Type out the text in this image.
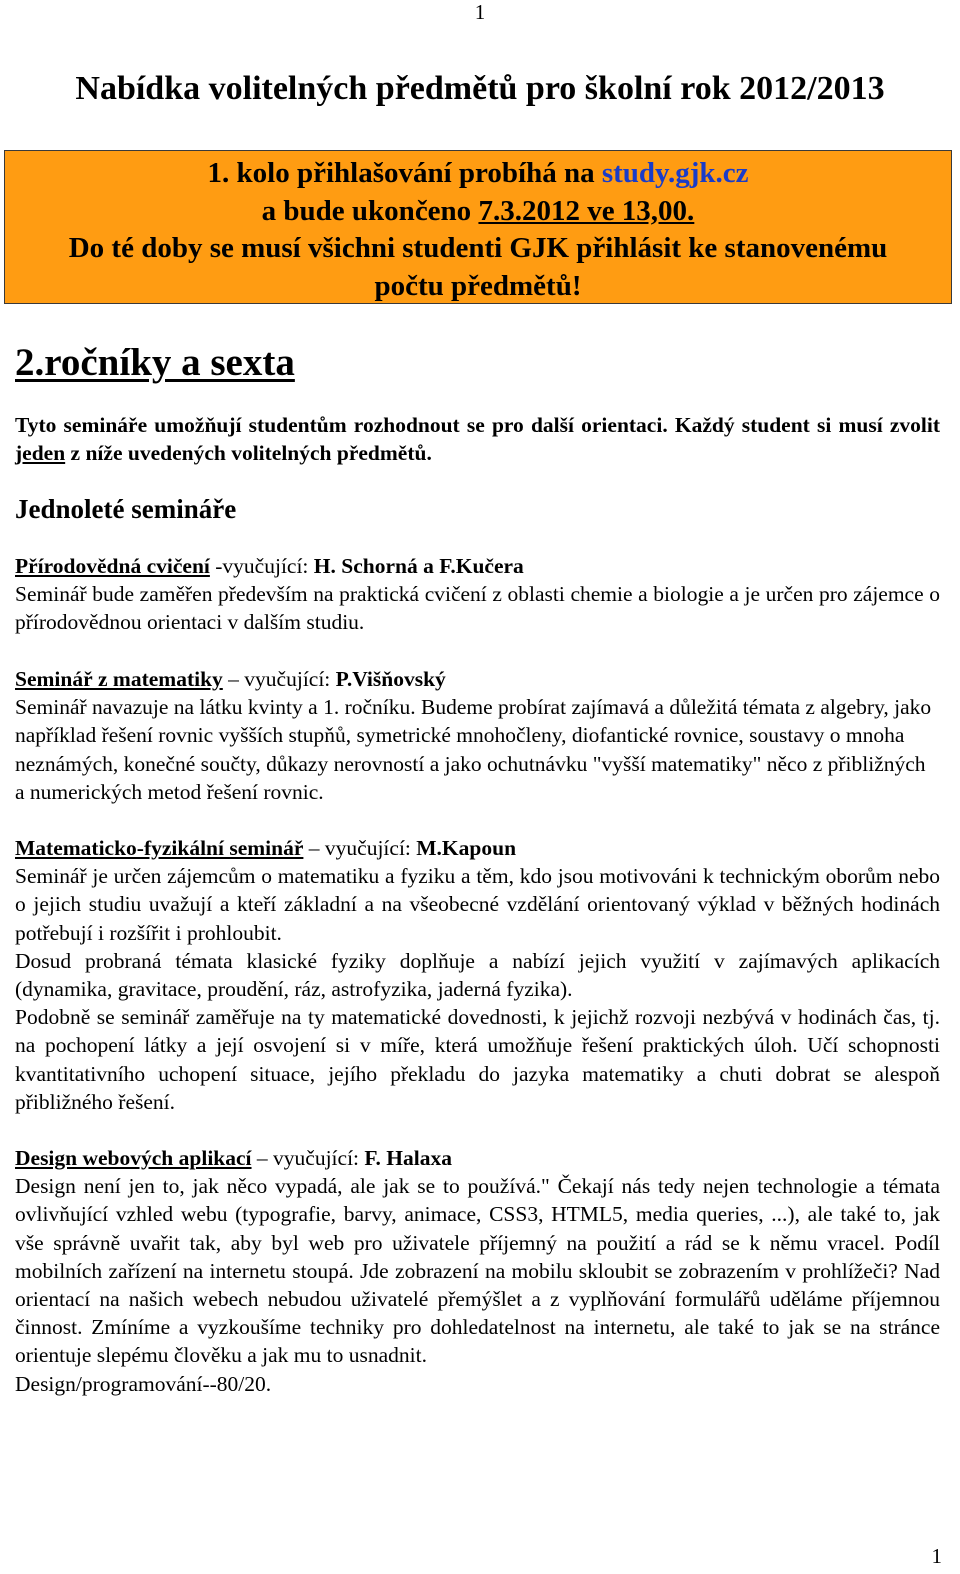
1
Nabídka volitelných předmětů pro školní rok 2012/2013
1. kolo přihlašování probíhá na study.gjk.cz
a bude ukončeno 7.3.2012 ve 13,00.
Do té doby se musí všichni studenti GJK přihlásit ke stanovenému
počtu předmětů!
2.ročníky a sexta

Tyto semináře umožňují studentům rozhodnout se pro další orientaci. Každý student si musí zvolit jeden z níže uvedených volitelných předmětů.

Jednoleté semináře

Přírodovědná cvičení -vyučující: H. Schorná a F.Kučera

Seminář bude zaměřen především na praktická cvičení z oblasti chemie a biologie a je určen pro zájemce o přírodovědnou orientaci v dalším studiu.

Seminář z matematiky – vyučující: P.Višňovský

Seminář navazuje na látku kvinty a 1. ročníku. Budeme probírat zajímavá a důležitá témata z algebry, jako například řešení rovnic vyšších stupňů, symetrické mnohočleny, diofantické rovnice, soustavy o mnoha neznámých, konečné součty, důkazy nerovností a jako ochutnávku "vyšší matematiky" něco z přibližných a numerických metod řešení rovnic.

Matematicko-fyzikální seminář – vyučující: M.Kapoun

Seminář je určen zájemcům o matematiku a fyziku a těm, kdo jsou motivováni k technickým oborům nebo o jejich studiu uvažují a kteří základní a na všeobecné vzdělání orientovaný výklad v běžných hodinách potřebují i rozšířit i prohloubit.

Dosud probraná témata klasické fyziky doplňuje a nabízí jejich využití v zajímavých aplikacích (dynamika, gravitace, proudění, ráz, astrofyzika, jaderná fyzika).

Podobně se seminář zaměřuje na ty matematické dovednosti, k jejichž rozvoji nezbývá v hodinách čas, tj. na pochopení látky a její osvojení si v míře, která umožňuje řešení praktických úloh. Učí schopnosti kvantitativního uchopení situace, jejího překladu do jazyka matematiky a chuti dobrat se alespoň přibližného řešení.

Design webových aplikací – vyučující: F. Halaxa

Design není jen to, jak něco vypadá, ale jak se to používá." Čekají nás tedy nejen technologie a témata ovlivňující vzhled webu (typografie, barvy, animace, CSS3, HTML5, media queries, ...), ale také to, jak vše správně uvařit tak, aby byl web pro uživatele příjemný na použití a rád se k němu vracel. Podíl mobilních zařízení na internetu stoupá. Jde zobrazení na mobilu skloubit se zobrazením v prohlížeči? Nad orientací na našich webech nebudou uživatelé přemýšlet a z vyplňování formulářů uděláme příjemnou činnost. Zmíníme a vyzkoušíme techniky pro dohledatelnost na internetu, ale také to jak se na stránce orientuje slepému člověku a jak mu to usnadnit.

Design/programování--80/20.

1
